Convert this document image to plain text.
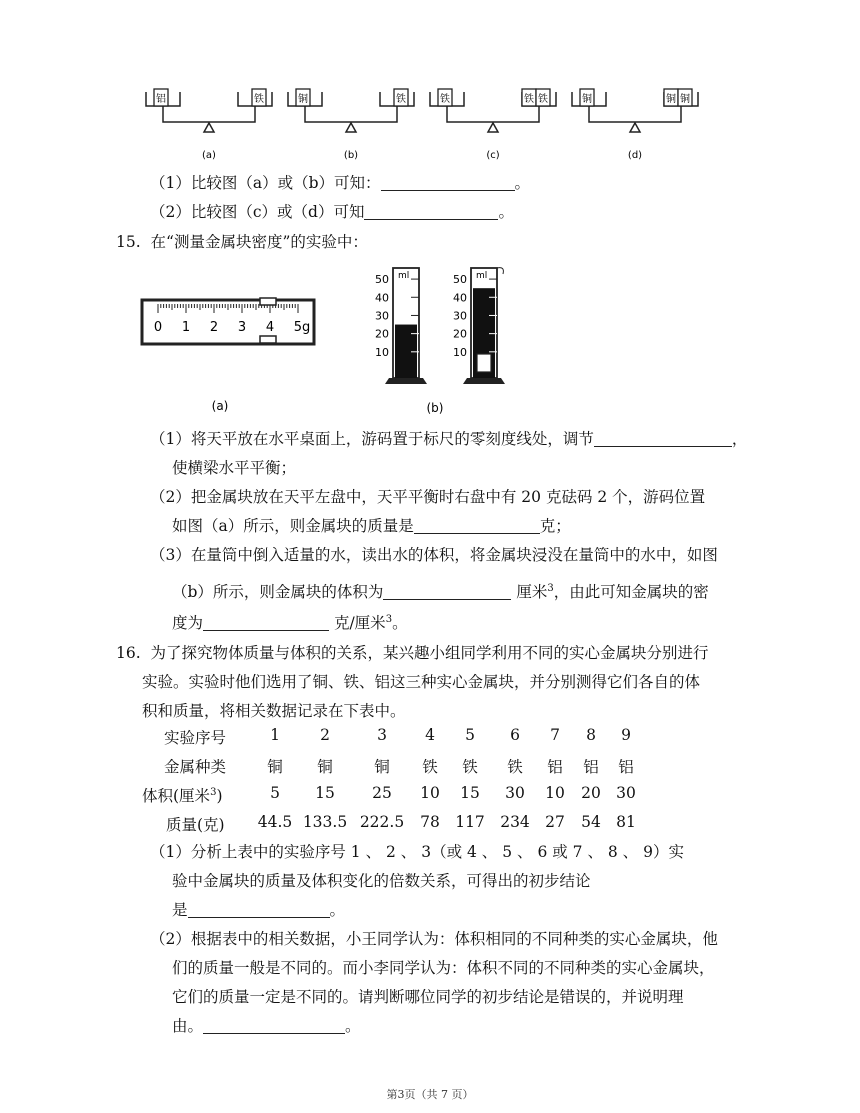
铝	铁
(a)
铜	铁
(b)
铁	铁 铁
(c)
铜	铜 铜
(d)
（1）比较图（a）或（b）可知：	。
（2）比较图（c）或（d）可知	。
15. 在“测量金属块密度”的实验中：
0 1 2 3 4 5g
(a)
ml
50
40
30
20
10
ml
50
40
30
20
10
(b)
（1）将天平放在水平桌面上，游码置于标尺的零刻度线处，调节	，
使横梁水平平衡；
（2）把金属块放在天平左盘中，天平平衡时右盘中有 20 克砝码 2 个，游码位置
如图（a）所示，则金属块的质量是	克；
（3）在量筒中倒入适量的水，读出水的体积，将金属块浸没在量筒中的水中，如图
（b）所示，则金属块的体积为	厘米$^3$，由此可知金属块的密
度为	克/厘米$^3$。
16. 为了探究物体质量与体积的关系，某兴趣小组同学利用不同的实心金属块分别进行
实验。实验时他们选用了铜、铁、铝这三种实心金属块，并分别测得它们各自的体
积和质量，将相关数据记录在下表中。
实验序号	1	2	3 4 5 6 7 8 9
金属种类	铜 铜	铜 铁 铁 铁 铝 铝 铝
体积(厘米$^3$)	5 15 25 10 15 30 10 20 30
质量(克) 44.5 133.5 222.5 78 117 234 27 54 81
（1）分析上表中的实验序号 1 、 2 、 3（或 4 、 5 、 6 或 7 、 8 、 9）实
验中金属块的质量及体积变化的倍数关系，可得出的初步结论
是	。
（2）根据表中的相关数据，小王同学认为：体积相同的不同种类的实心金属块，他
们的质量一般是不同的。而小李同学认为：体积不同的不同种类的实心金属块，
它们的质量一定是不同的。请判断哪位同学的初步结论是错误的，并说明理
由。	。
第3页（共 7 页）
